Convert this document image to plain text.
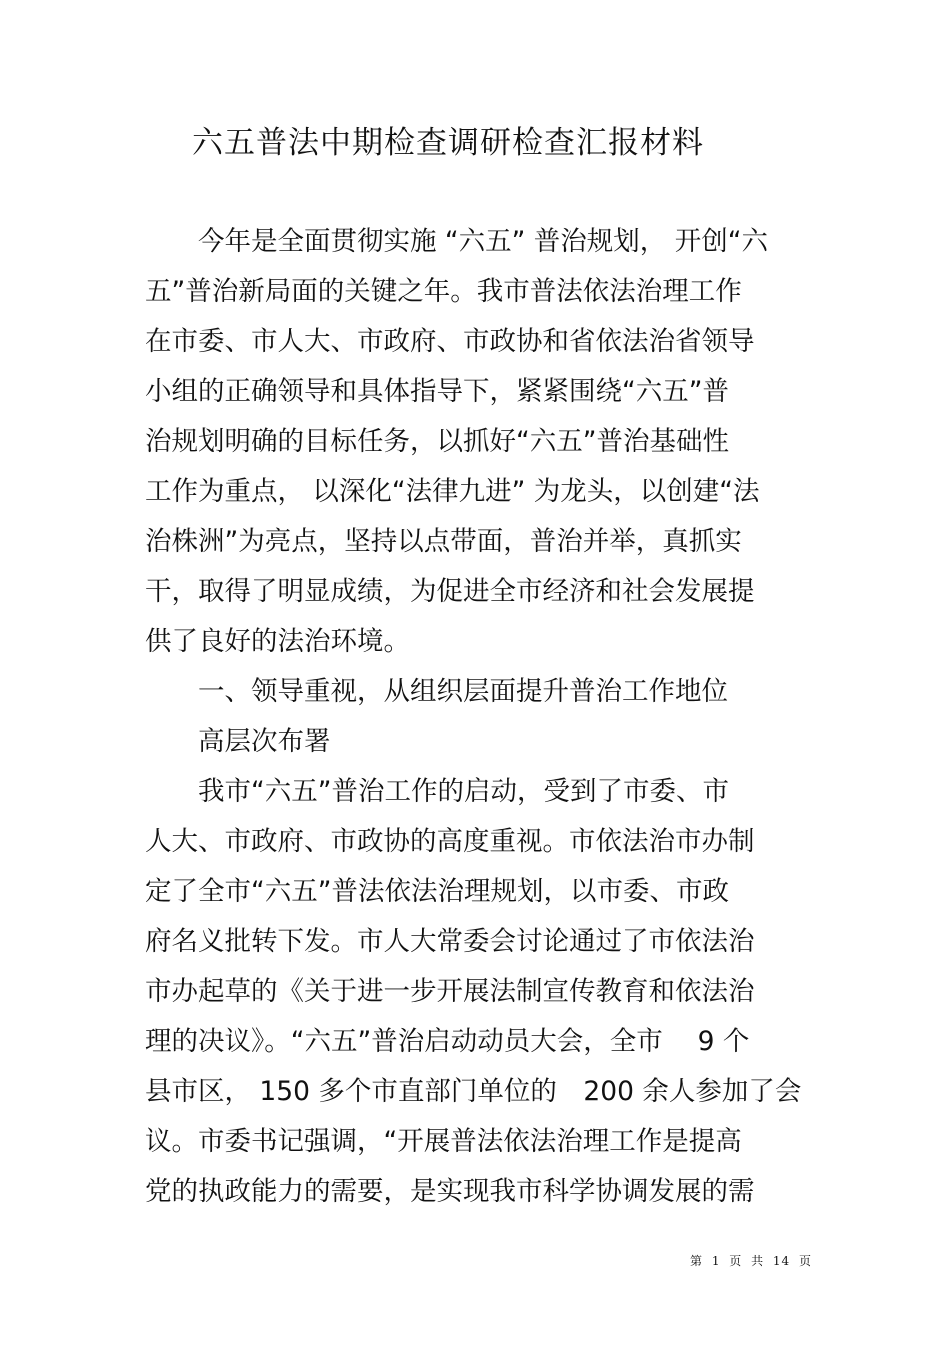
六五普法中期检查调研检查汇报材料
　　今年是全面贯彻实施 “六五” 普治规划， 开创“六
五”普治新局面的关键之年。我市普法依法治理工作
在市委、市人大、市政府、市政协和省依法治省领导
小组的正确领导和具体指导下，紧紧围绕“六五”普
治规划明确的目标任务，以抓好“六五”普治基础性
工作为重点， 以深化“法律九进” 为龙头，以创建“法
治株洲”为亮点，坚持以点带面，普治并举，真抓实
干，取得了明显成绩，为促进全市经济和社会发展提
供了良好的法治环境。
　　一、领导重视，从组织层面提升普治工作地位
　　高层次布署
　　我市“六五”普治工作的启动，受到了市委、市
人大、市政府、市政协的高度重视。市依法治市办制
定了全市“六五”普法依法治理规划，以市委、市政
府名义批转下发。市人大常委会讨论通过了市依法治
市办起草的《关于进一步开展法制宣传教育和依法治
理的决议》。“六五”普治启动动员大会，全市　 9 个
县市区， 150 多个市直部门单位的　200 余人参加了会
议。市委书记强调，“开展普法依法治理工作是提高
党的执政能力的需要，是实现我市科学协调发展的需
第 1 页 共 14 页
